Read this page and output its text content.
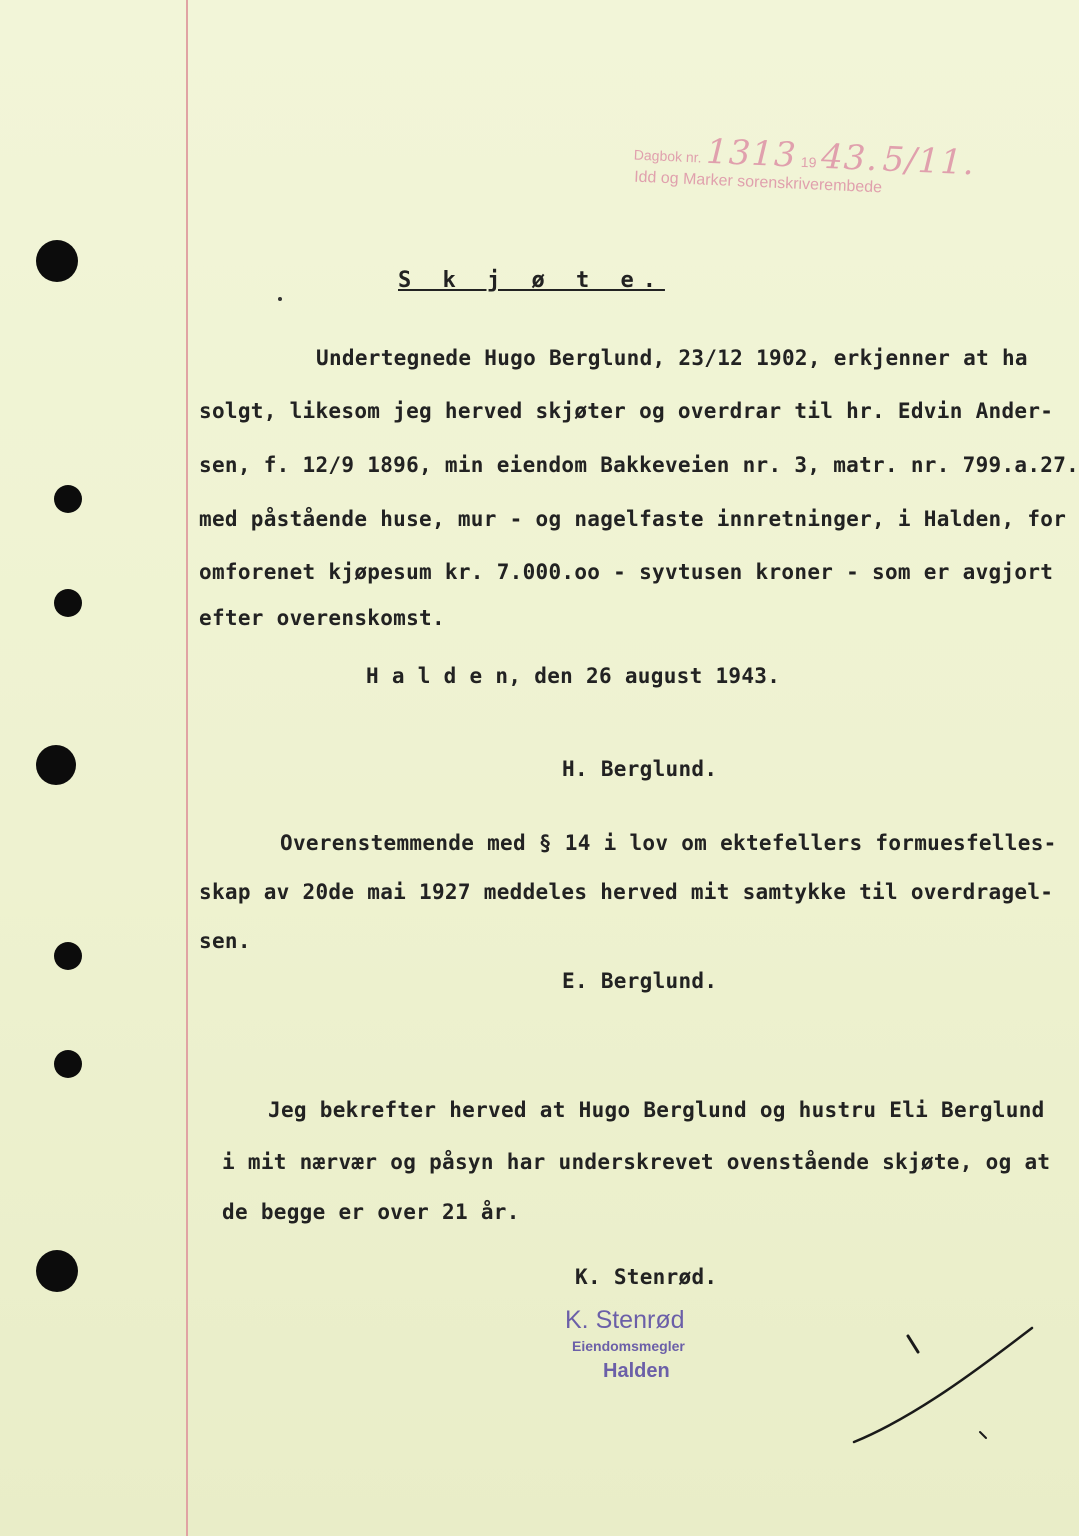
Dagbok nr. 1313 19 43. 5/11.
Idd og Marker sorenskriverembede
S k j ø t e.
Undertegnede Hugo Berglund, 23/12 1902, erkjenner at ha
solgt, likesom jeg herved skjøter og overdrar til hr. Edvin Ander-
sen, f. 12/9 1896, min eiendom Bakkeveien nr. 3, matr. nr. 799.a.27.
med påstående huse, mur - og nagelfaste innretninger, i Halden, for
omforenet kjøpesum kr. 7.000.oo - syvtusen kroner - som er avgjort
efter overenskomst.
H a l d e n, den 26 august 1943.
H. Berglund.
Overenstemmende med § 14 i lov om ektefellers formuesfelles-
skap av 20de mai 1927 meddeles herved mit samtykke til overdragel-
sen.
E. Berglund.
Jeg bekrefter herved at Hugo Berglund og hustru Eli Berglund
i mit nærvær og påsyn har underskrevet ovenstående skjøte, og at
de begge er over 21 år.
K. Stenrød.
K. Stenrød
Eiendomsmegler
Halden
